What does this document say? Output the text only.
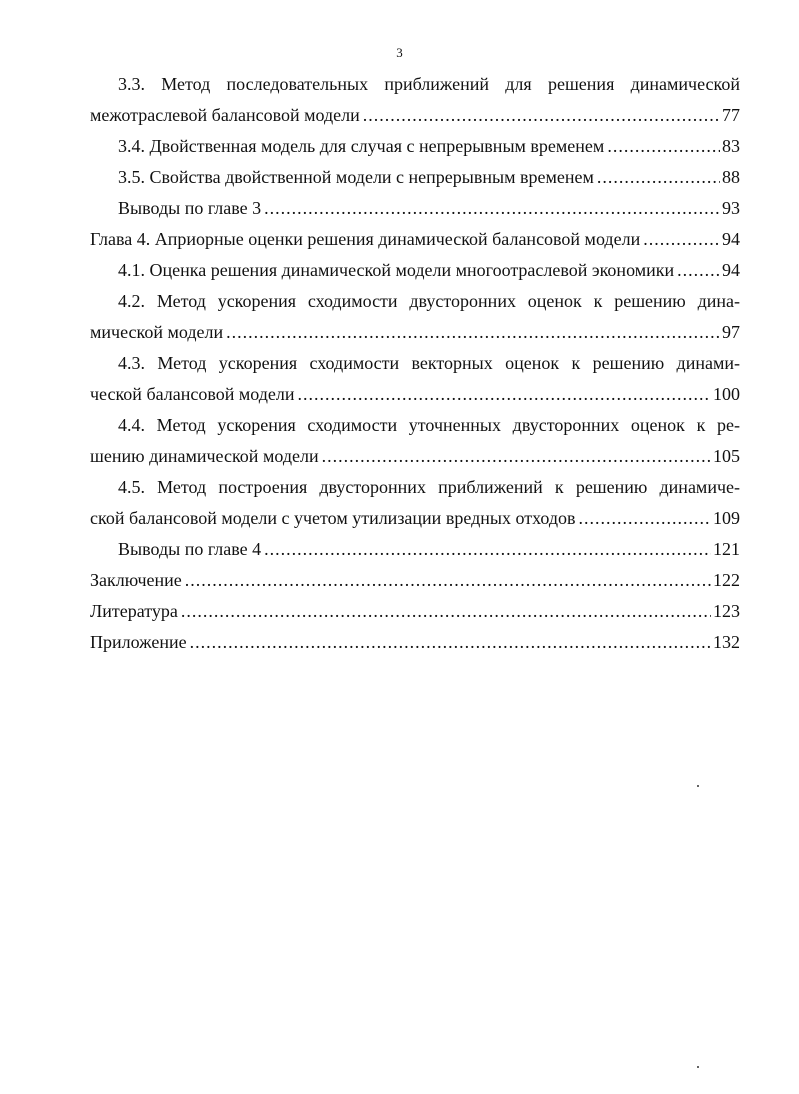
3
3.3. Метод последовательных приближений для решения динамической
межотраслевой балансовой модели .....	77
3.4. Двойственная модель для случая с непрерывным временем .....	83
3.5. Свойства двойственной модели с непрерывным временем .....	88
Выводы по главе 3 .....	93
Глава 4. Априорные оценки решения динамической балансовой модели .....	94
4.1. Оценка решения динамической модели многоотраслевой экономики .....	94
4.2. Метод ускорения сходимости двусторонних оценок к решению дина-
мической модели .....	97
4.3. Метод ускорения сходимости векторных оценок к решению динами-
ческой балансовой модели .....	100
4.4. Метод ускорения сходимости уточненных двусторонних оценок к ре-
шению динамической модели .....	105
4.5. Метод построения двусторонних приближений к решению динамиче-
ской балансовой модели с учетом утилизации вредных отходов .....	109
Выводы по главе 4 .....	121
Заключение .....	122
Литература .....	123
Приложение .....	132
